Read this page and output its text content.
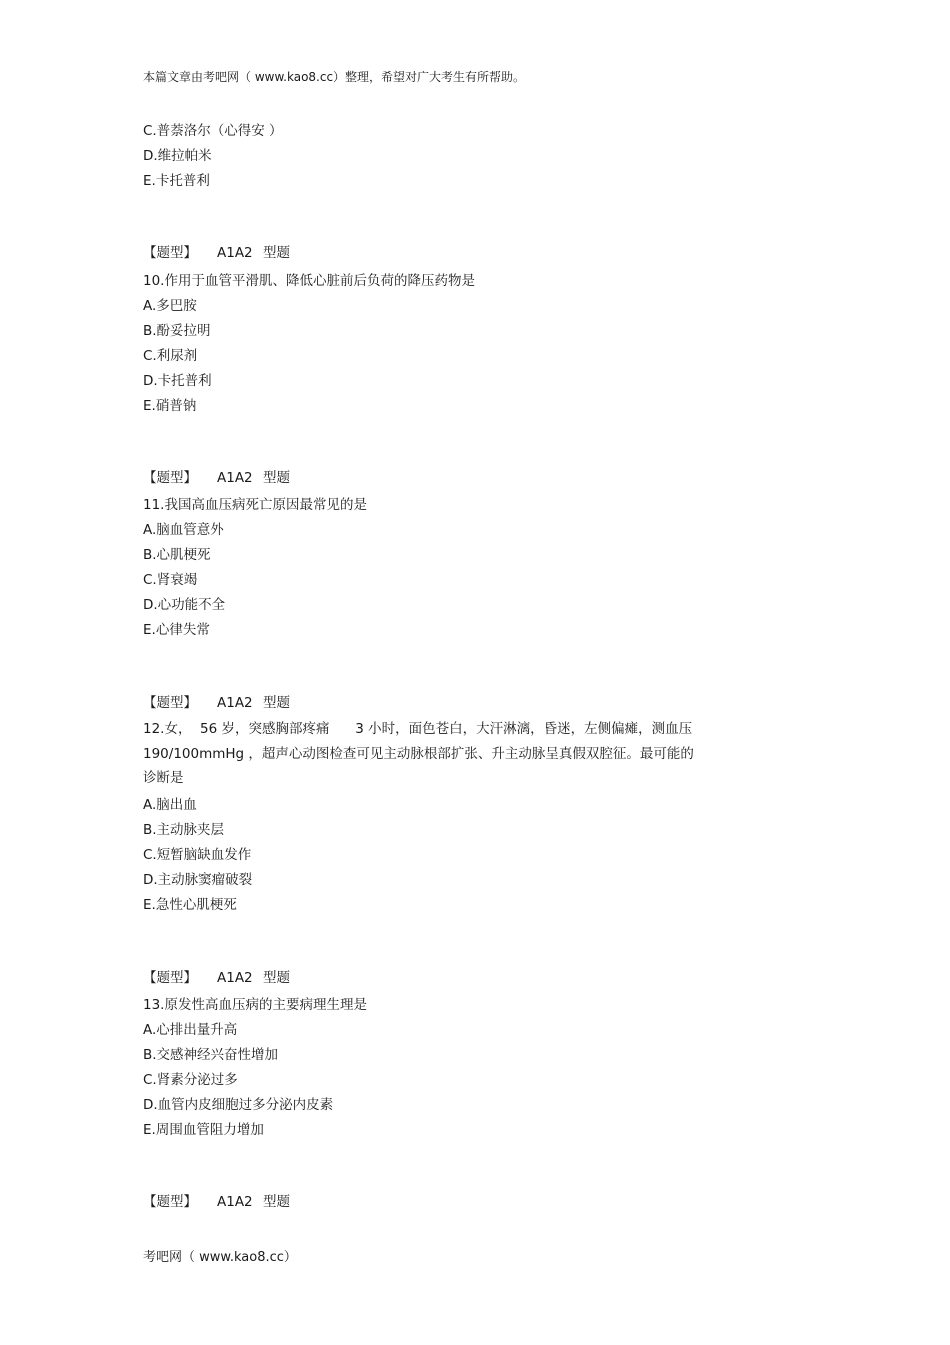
本篇文章由考吧网（ www.kao8.cc）整理，希望对广大考生有所帮助。
C.普萘洛尔（心得安 ）
D.维拉帕米
E.卡托普利
【题型】 A1A2 型题
10.作用于血管平滑肌、降低心脏前后负荷的降压药物是
A.多巴胺
B.酚妥拉明
C.利尿剂
D.卡托普利
E.硝普钠
【题型】 A1A2 型题
11.我国高血压病死亡原因最常见的是
A.脑血管意外
B.心肌梗死
C.肾衰竭
D.心功能不全
E.心律失常
【题型】 A1A2 型题
12.女，  56 岁，突感胸部疼痛      3 小时，面色苍白，大汗淋漓，昏迷，左侧偏瘫，测血压
190/100mmHg ，超声心动图检查可见主动脉根部扩张、升主动脉呈真假双腔征。最可能的
诊断是
A.脑出血
B.主动脉夹层
C.短暂脑缺血发作
D.主动脉窦瘤破裂
E.急性心肌梗死
【题型】 A1A2 型题
13.原发性高血压病的主要病理生理是
A.心排出量升高
B.交感神经兴奋性增加
C.肾素分泌过多
D.血管内皮细胞过多分泌内皮素
E.周围血管阻力增加
【题型】 A1A2 型题
考吧网（ www.kao8.cc）
